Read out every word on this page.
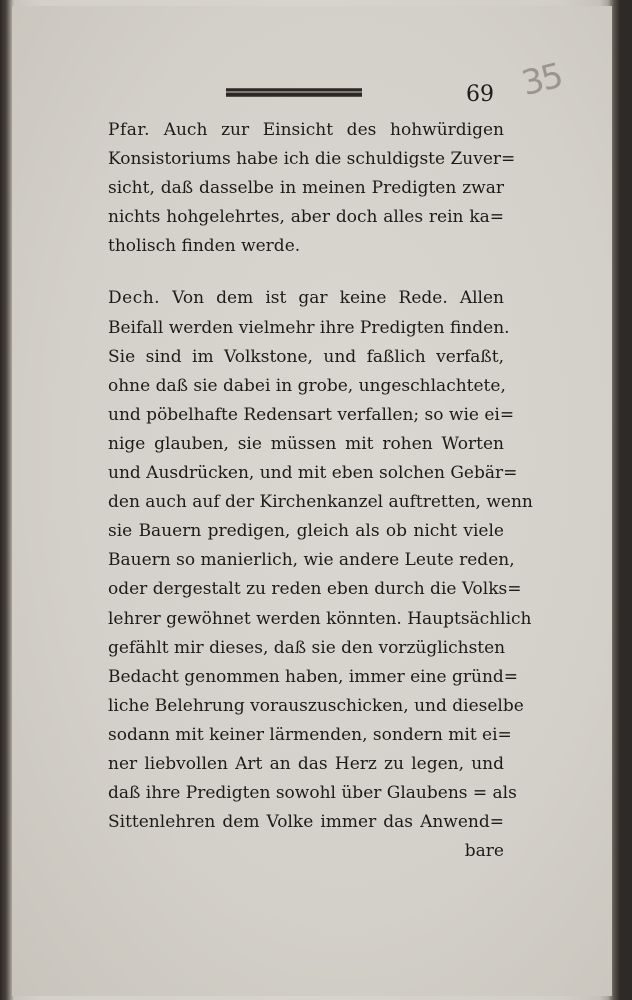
69 35
Pfar. Auch zur Einsicht des hohwürdigen
Konsistoriums habe ich die schuldigste Zuver=
sicht, daß dasselbe in meinen Predigten zwar
nichts hohgelehrtes, aber doch alles rein ka=
tholisch finden werde.
Dech. Von dem ist gar keine Rede. Allen
Beifall werden vielmehr ihre Predigten finden.
Sie sind im Volkstone, und faßlich verfaßt,
ohne daß sie dabei in grobe, ungeschlachtete,
und pöbelhafte Redensart verfallen; so wie ei=
nige glauben, sie müssen mit rohen Worten
und Ausdrücken, und mit eben solchen Gebär=
den auch auf der Kirchenkanzel auftretten, wenn
sie Bauern predigen, gleich als ob nicht viele
Bauern so manierlich, wie andere Leute reden,
oder dergestalt zu reden eben durch die Volks=
lehrer gewöhnet werden könnten. Hauptsächlich
gefählt mir dieses, daß sie den vorzüglichsten
Bedacht genommen haben, immer eine gründ=
liche Belehrung vorauszuschicken, und dieselbe
sodann mit keiner lärmenden, sondern mit ei=
ner liebvollen Art an das Herz zu legen, und
daß ihre Predigten sowohl über Glaubens = als
Sittenlehren dem Volke immer das Anwend=
bare
